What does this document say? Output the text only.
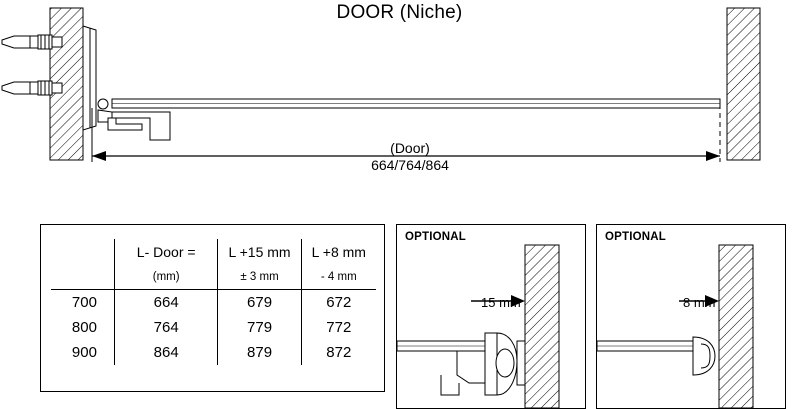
DOOR (Niche)
(Door)
664/764/864
	L- Door =	L +15 mm	L +8 mm
	(mm)	± 3 mm	- 4 mm
700	664	679	672
800	764	779	772
900	864	879	872
OPTIONAL
15 mm
OPTIONAL
8 mm
